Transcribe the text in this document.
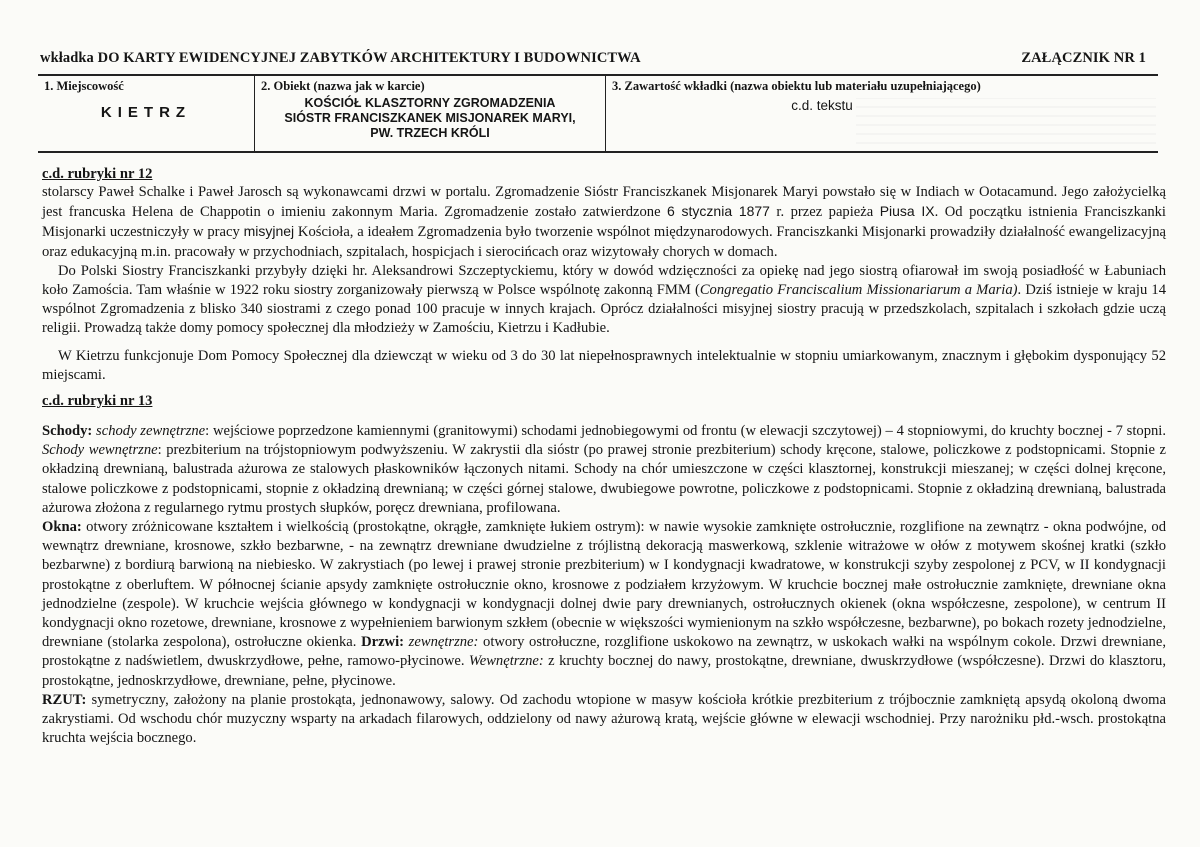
wkładka DO KARTY EWIDENCYJNEJ ZABYTKÓW ARCHITEKTURY I BUDOWNICTWA	ZAŁĄCZNIK NR 1
1. Miejscowość
KIETRZ
2. Obiekt (nazwa jak w karcie)
KOŚCIÓŁ KLASZTORNY ZGROMADZENIA
SIÓSTR FRANCISZKANEK MISJONAREK MARYI,
PW. TRZECH KRÓLI
3. Zawartość wkładki (nazwa obiektu lub materiału uzupełniającego)
c.d. tekstu
c.d. rubryki nr 12

stolarscy Paweł Schalke i Paweł Jarosch są wykonawcami drzwi w portalu. Zgromadzenie Sióstr Franciszkanek Misjonarek Maryi powstało się w Indiach w Ootacamund. Jego założycielką jest francuska Helena de Chappotin o imieniu zakonnym Maria. Zgromadzenie zostało zatwierdzone 6 stycznia 1877 r. przez papieża Piusa IX. Od początku istnienia Franciszkanki Misjonarki uczestniczyły w pracy misyjnej Kościoła, a ideałem Zgromadzenia było tworzenie wspólnot międzynarodowych. Franciszkanki Misjonarki prowadziły działalność ewangelizacyjną oraz edukacyjną m.in. pracowały w przychodniach, szpitalach, hospicjach i sierocińcach oraz wizytowały chorych w domach.

Do Polski Siostry Franciszkanki przybyły dzięki hr. Aleksandrowi Szczeptyckiemu, który w dowód wdzięczności za opiekę nad jego siostrą ofiarował im swoją posiadłość w Łabuniach koło Zamościa. Tam właśnie w 1922 roku siostry zorganizowały pierwszą w Polsce wspólnotę zakonną FMM (Congregatio Franciscalium Missionariarum a Maria). Dziś istnieje w kraju 14 wspólnot Zgromadzenia z blisko 340 siostrami z czego ponad 100 pracuje w innych krajach. Oprócz działalności misyjnej siostry pracują w przedszkolach, szpitalach i szkołach gdzie uczą religii. Prowadzą także domy pomocy społecznej dla młodzieży w Zamościu, Kietrzu i Kadłubie.

W Kietrzu funkcjonuje Dom Pomocy Społecznej dla dziewcząt w wieku od 3 do 30 lat niepełnosprawnych intelektualnie w stopniu umiarkowanym, znacznym i głębokim dysponujący 52 miejscami.

c.d. rubryki nr 13

Schody: schody zewnętrzne: wejściowe poprzedzone kamiennymi (granitowymi) schodami jednobiegowymi od frontu (w elewacji szczytowej) – 4 stopniowymi, do kruchty bocznej - 7 stopni. Schody wewnętrzne: prezbiterium na trójstopniowym podwyższeniu. W zakrystii dla sióstr (po prawej stronie prezbiterium) schody kręcone, stalowe, policzkowe z podstopnicami. Stopnie z okładziną drewnianą, balustrada ażurowa ze stalowych płaskowników łączonych nitami. Schody na chór umieszczone w części klasztornej, konstrukcji mieszanej; w części dolnej kręcone, stalowe policzkowe z podstopnicami, stopnie z okładziną drewnianą; w części górnej stalowe, dwubiegowe powrotne, policzkowe z podstopnicami. Stopnie z okładziną drewnianą, balustrada ażurowa złożona z regularnego rytmu prostych słupków, poręcz drewniana, profilowana.

Okna: otwory zróżnicowane kształtem i wielkością (prostokątne, okrągłe, zamknięte łukiem ostrym): w nawie wysokie zamknięte ostrołucznie, rozglifione na zewnątrz - okna podwójne, od wewnątrz drewniane, krosnowe, szkło bezbarwne, - na zewnątrz drewniane dwudzielne z trójlistną dekoracją maswerkową, szklenie witrażowe w ołów z motywem skośnej kratki (szkło bezbarwne) z bordiurą barwioną na niebiesko. W zakrystiach (po lewej i prawej stronie prezbiterium) w I kondygnacji kwadratowe, w konstrukcji szyby zespolonej z PCV, w II kondygnacji prostokątne z oberluftem. W północnej ścianie apsydy zamknięte ostrołucznie okno, krosnowe z podziałem krzyżowym. W kruchcie bocznej małe ostrołucznie zamknięte, drewniane okna jednodzielne (zespole). W kruchcie wejścia głównego w kondygnacji w kondygnacji dolnej dwie pary drewnianych, ostrołucznych okienek (okna współczesne, zespolone), w centrum II kondygnacji okno rozetowe, drewniane, krosnowe z wypełnieniem barwionym szkłem (obecnie w większości wymienionym na szkło współczesne, bezbarwne), po bokach rozety jednodzielne, drewniane (stolarka zespolona), ostrołuczne okienka. Drzwi: zewnętrzne: otwory ostrołuczne, rozglifione uskokowo na zewnątrz, w uskokach wałki na wspólnym cokole. Drzwi drewniane, prostokątne z nadświetlem, dwuskrzydłowe, pełne, ramowo-płycinowe. Wewnętrzne: z kruchty bocznej do nawy, prostokątne, drewniane, dwuskrzydłowe (współczesne). Drzwi do klasztoru, prostokątne, jednoskrzydłowe, drewniane, pełne, płycinowe.

RZUT: symetryczny, założony na planie prostokąta, jednonawowy, salowy. Od zachodu wtopione w masyw kościoła krótkie prezbiterium z trójbocznie zamkniętą apsydą okoloną dwoma zakrystiami. Od wschodu chór muzyczny wsparty na arkadach filarowych, oddzielony od nawy ażurową kratą, wejście główne w elewacji wschodniej. Przy narożniku płd.-wsch. prostokątna kruchta wejścia bocznego.
